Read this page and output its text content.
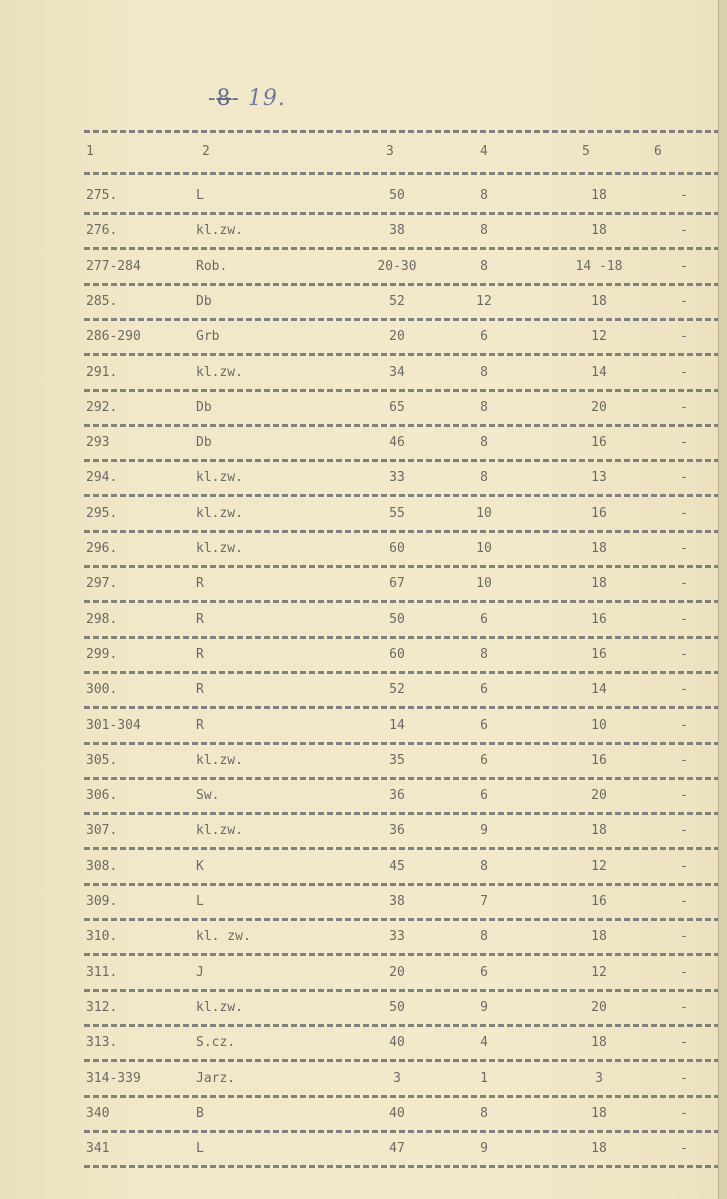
-8- 19.
1	2	3	4	5	6
275.	L	50	8	18	-
276.	kl.zw.	38	8	18	-
277-284	Rob.	20-30	8	14 -18	-
285.	Db	52	12	18	-
286-290	Grb	20	6	12	-
291.	kl.zw.	34	8	14	-
292.	Db	65	8	20	-
293	Db	46	8	16	-
294.	kl.zw.	33	8	13	-
295.	kl.zw.	55	10	16	-
296.	kl.zw.	60	10	18	-
297.	R	67	10	18	-
298.	R	50	6	16	-
299.	R	60	8	16	-
300.	R	52	6	14	-
301-304	R	14	6	10	-
305.	kl.zw.	35	6	16	-
306.	Sw.	36	6	20	-
307.	kl.zw.	36	9	18	-
308.	K	45	8	12	-
309.	L	38	7	16	-
310.	kl. zw.	33	8	18	-
311.	J	20	6	12	-
312.	kl.zw.	50	9	20	-
313.	S.cz.	40	4	18	-
314-339	Jarz.	3	1	3	-
340	B	40	8	18	-
341	L	47	9	18	-
